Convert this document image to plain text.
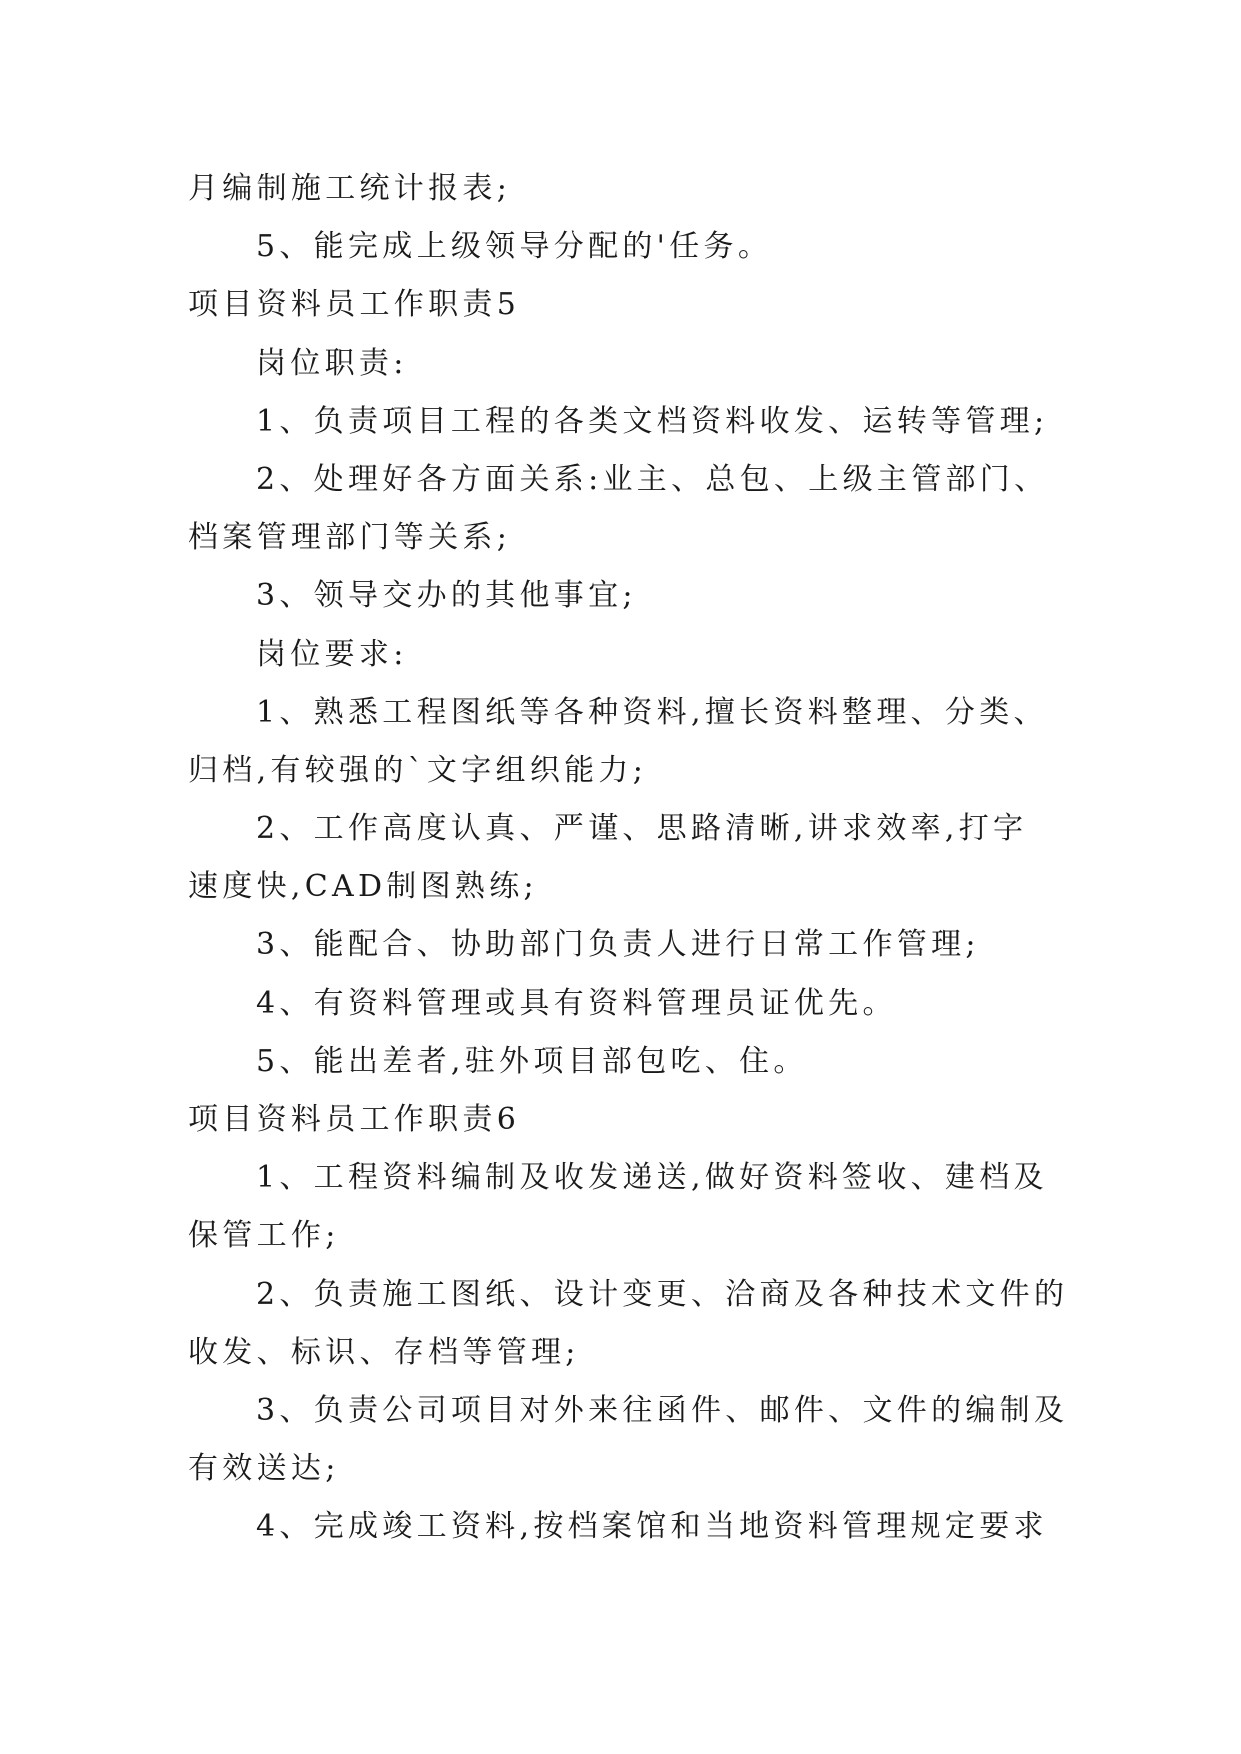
月编制施工统计报表;
5、能完成上级领导分配的'任务。
项目资料员工作职责5
岗位职责:
1、负责项目工程的各类文档资料收发、运转等管理;
2、处理好各方面关系:业主、总包、上级主管部门、
档案管理部门等关系;
3、领导交办的其他事宜;
岗位要求:
1、熟悉工程图纸等各种资料,擅长资料整理、分类、
归档,有较强的`文字组织能力;
2、工作高度认真、严谨、思路清晰,讲求效率,打字
速度快,CAD制图熟练;
3、能配合、协助部门负责人进行日常工作管理;
4、有资料管理或具有资料管理员证优先。
5、能出差者,驻外项目部包吃、住。
项目资料员工作职责6
1、工程资料编制及收发递送,做好资料签收、建档及
保管工作;
2、负责施工图纸、设计变更、洽商及各种技术文件的
收发、标识、存档等管理;
3、负责公司项目对外来往函件、邮件、文件的编制及
有效送达;
4、完成竣工资料,按档案馆和当地资料管理规定要求
